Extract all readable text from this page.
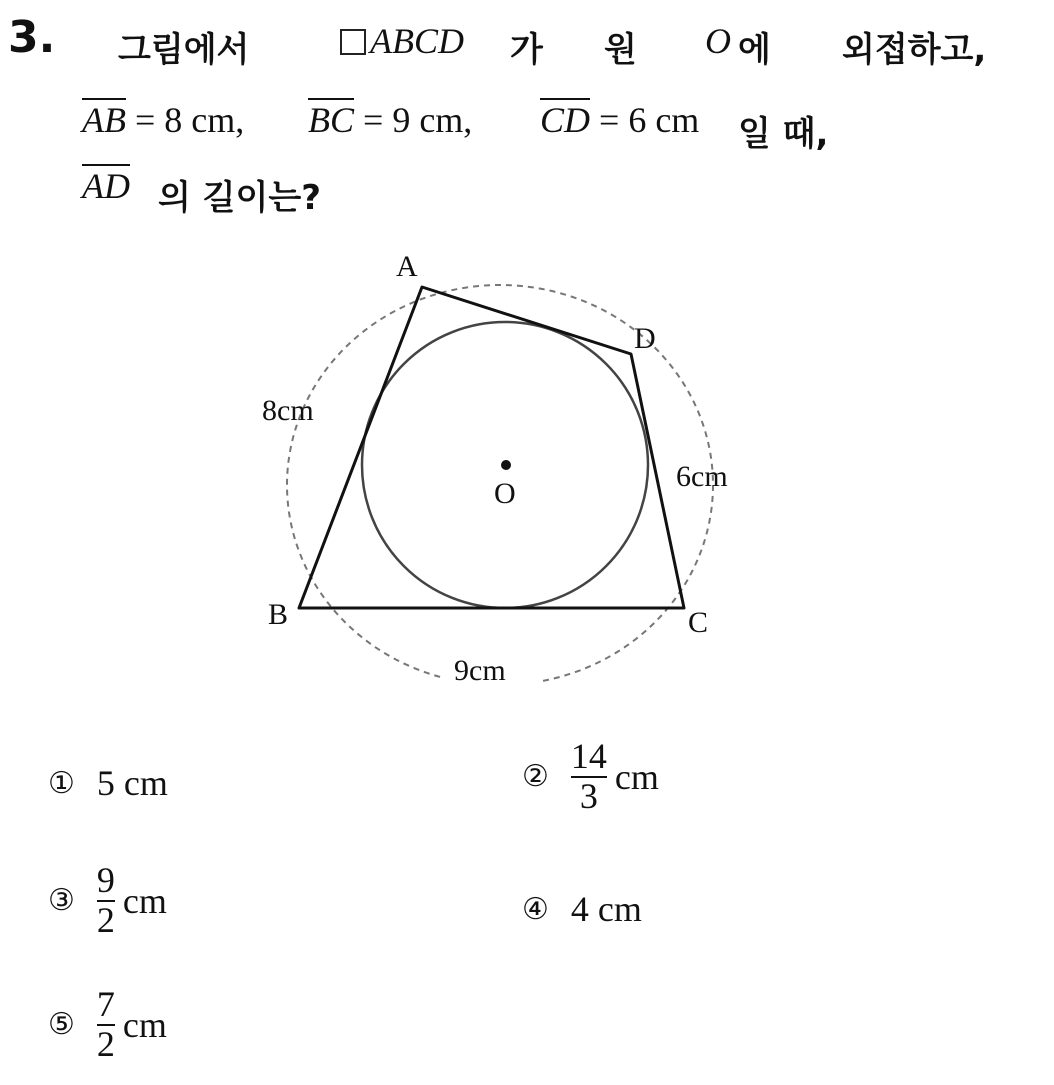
3. 그림에서	ABCD 가 원 O 에 외접하고,
AB = 8 cm, BC = 9 cm, CD = 6 cm 일 때,
AD 의 길이는?
A
D
B	C
O
8cm
6cm
9cm
① 5 cm	② $\frac{14}{3}$ cm
③ $\frac{9}{2}$ cm	④ 4 cm
⑤ $\frac{7}{2}$ cm
